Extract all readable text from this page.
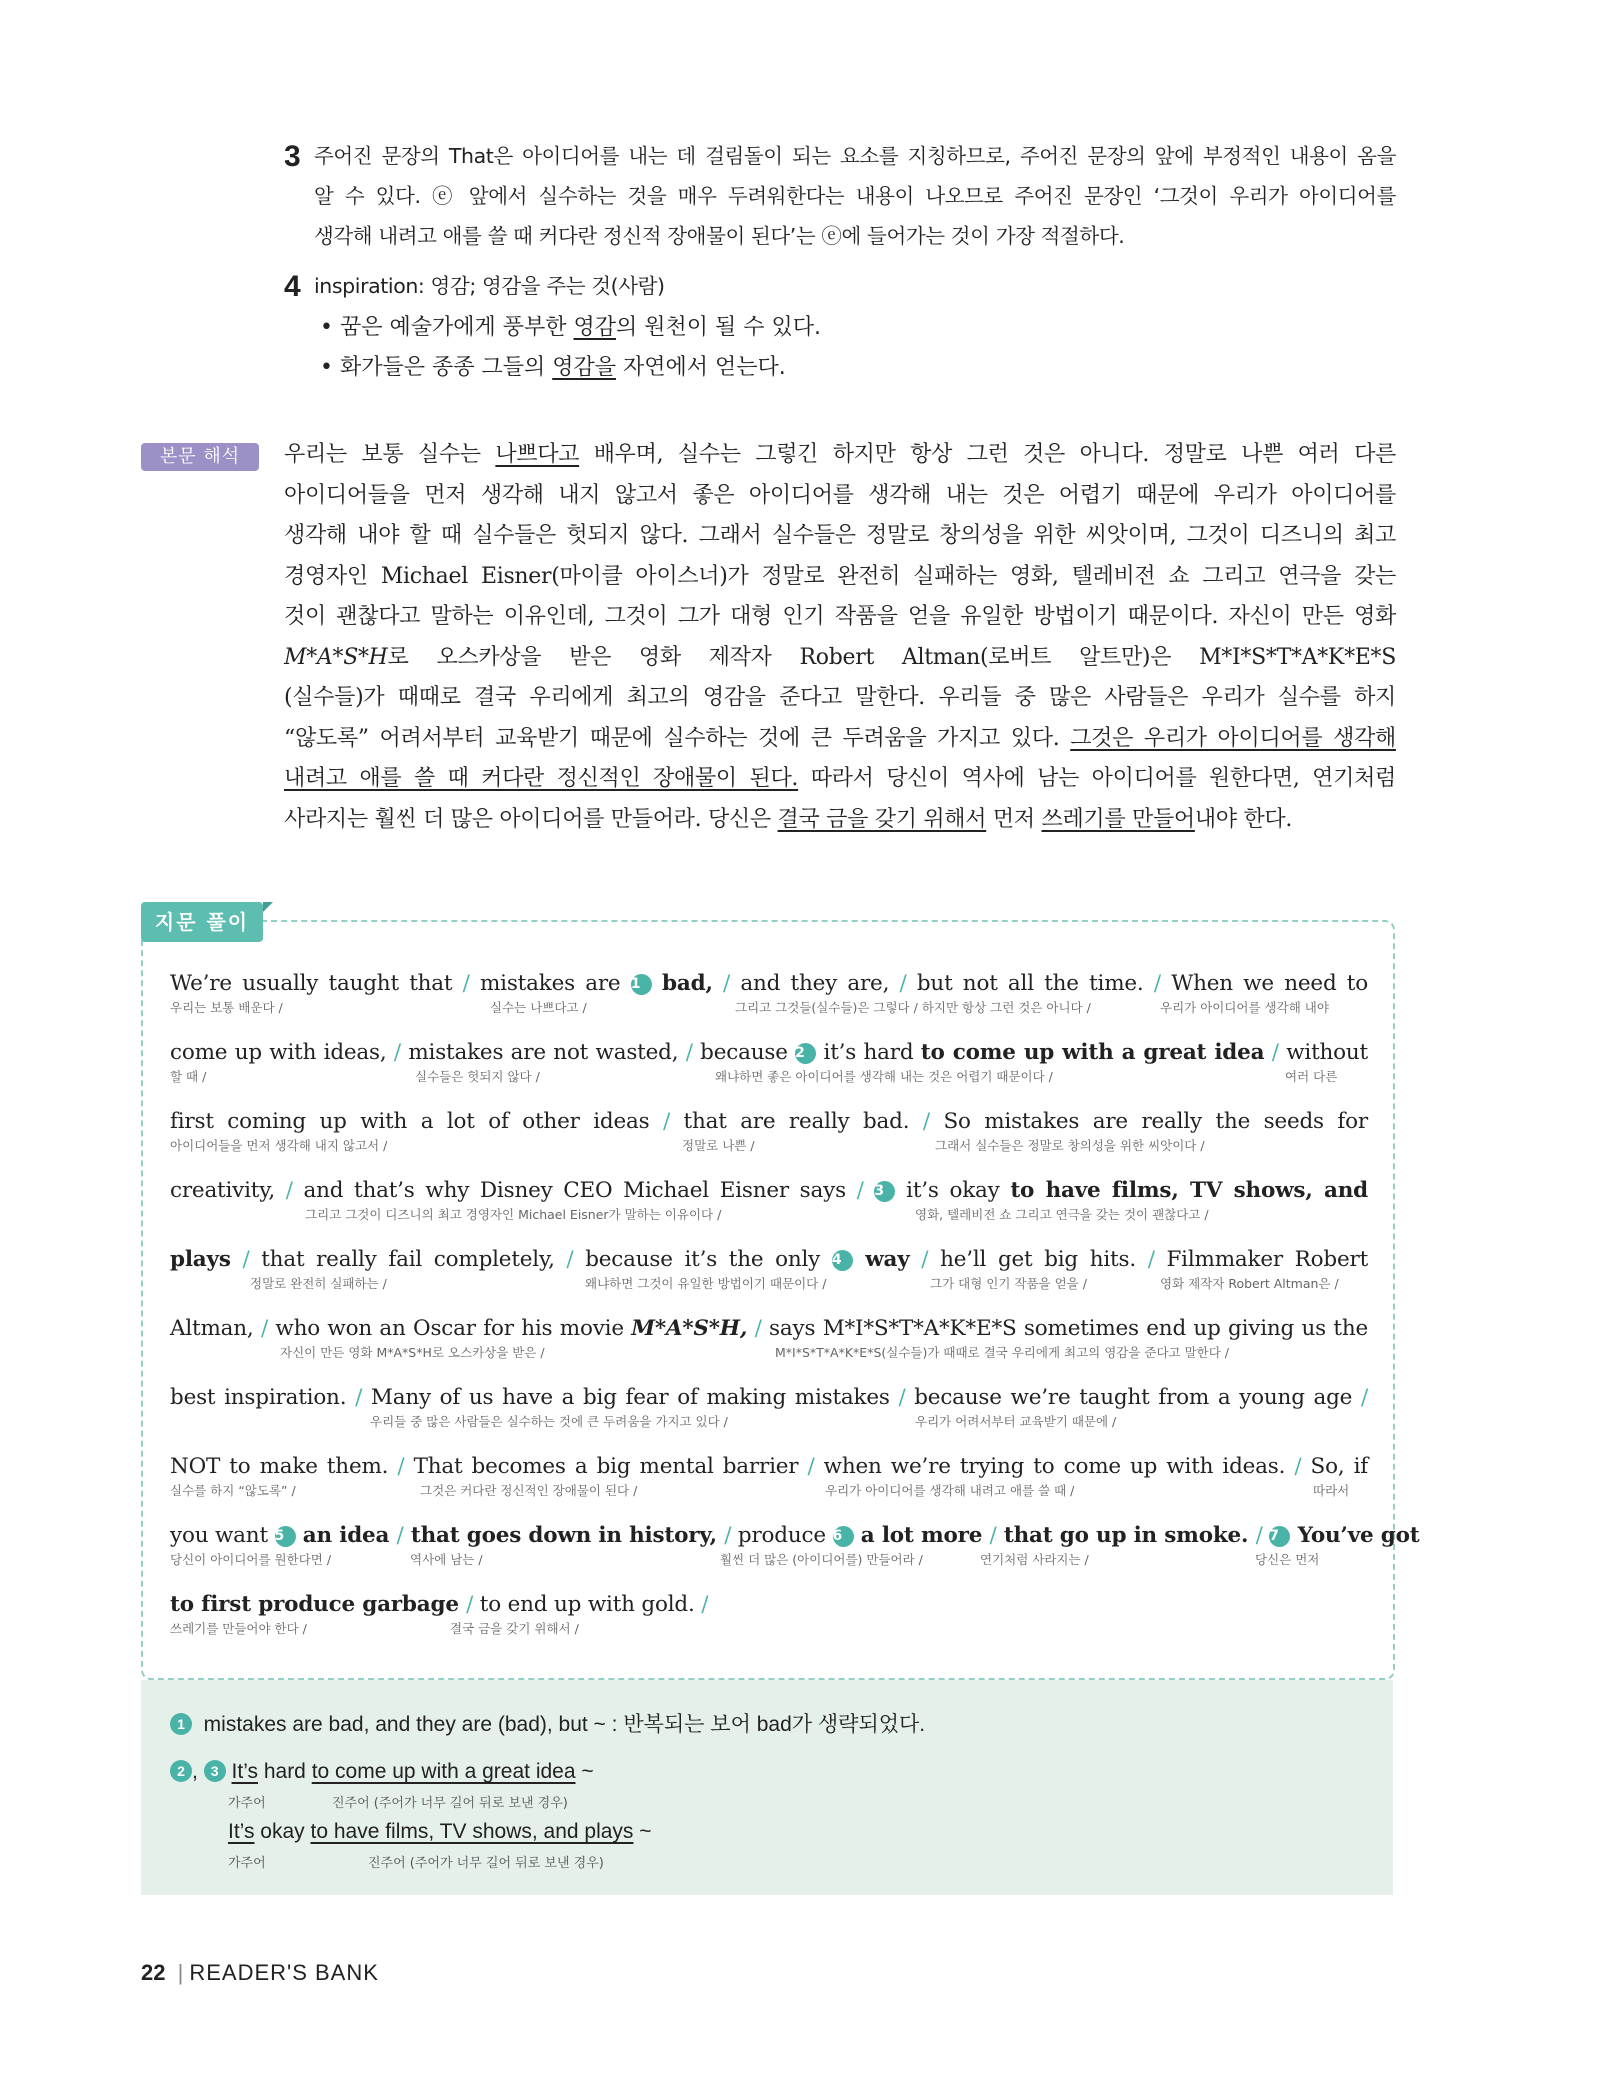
3 주어진 문장의 That은 아이디어를 내는 데 걸림돌이 되는 요소를 지칭하므로, 주어진 문장의 앞에 부정적인 내용이 옴을
알 수 있다. ⓔ 앞에서 실수하는 것을 매우 두려워한다는 내용이 나오므로 주어진 문장인 ‘그것이 우리가 아이디어를
생각해 내려고 애를 쓸 때 커다란 정신적 장애물이 된다’는 ⓔ에 들어가는 것이 가장 적절하다.
4 inspiration: 영감; 영감을 주는 것(사람)
• 꿈은 예술가에게 풍부한 영감의 원천이 될 수 있다.
• 화가들은 종종 그들의 영감을 자연에서 얻는다.
본문 해석	우리는 보통 실수는 나쁘다고 배우며, 실수는 그렇긴 하지만 항상 그런 것은 아니다. 정말로 나쁜 여러 다른
아이디어들을 먼저 생각해 내지 않고서 좋은 아이디어를 생각해 내는 것은 어렵기 때문에 우리가 아이디어를
생각해 내야 할 때 실수들은 헛되지 않다. 그래서 실수들은 정말로 창의성을 위한 씨앗이며, 그것이 디즈니의 최고
경영자인 Michael Eisner(마이클 아이스너)가 정말로 완전히 실패하는 영화, 텔레비전 쇼 그리고 연극을 갖는
것이 괜찮다고 말하는 이유인데, 그것이 그가 대형 인기 작품을 얻을 유일한 방법이기 때문이다. 자신이 만든 영화
M*A*S*H로 오스카상을 받은 영화 제작자 Robert Altman(로버트 알트만)은 M*I*S*T*A*K*E*S
(실수들)가 때때로 결국 우리에게 최고의 영감을 준다고 말한다. 우리들 중 많은 사람들은 우리가 실수를 하지
“않도록” 어려서부터 교육받기 때문에 실수하는 것에 큰 두려움을 가지고 있다. 그것은 우리가 아이디어를 생각해
내려고 애를 쓸 때 커다란 정신적인 장애물이 된다. 따라서 당신이 역사에 남는 아이디어를 원한다면, 연기처럼
사라지는 훨씬 더 많은 아이디어를 만들어라. 당신은 결국 금을 갖기 위해서 먼저 쓰레기를 만들어내야 한다.
지문 풀이
We’re usually taught that / mistakes are 1 bad, / and they are, / but not all the time. / When we need to
우리는 보통 배운다 /	실수는 나쁘다고 /	그리고 그것들(실수들)은 그렇다 / 하지만 항상 그런 것은 아니다 /	우리가 아이디어를 생각해 내야
come up with ideas, / mistakes are not wasted, / because 2 it’s hard to come up with a great idea / without
할 때 /	실수들은 헛되지 않다 /	왜냐하면 좋은 아이디어를 생각해 내는 것은 어렵기 때문이다 /	여러 다른
first coming up with a lot of other ideas / that are really bad. / So mistakes are really the seeds for
아이디어들을 먼저 생각해 내지 않고서 /	정말로 나쁜 /	그래서 실수들은 정말로 창의성을 위한 씨앗이다 /
creativity, / and that’s why Disney CEO Michael Eisner says / 3 it’s okay to have films, TV shows, and
그리고 그것이 디즈니의 최고 경영자인 Michael Eisner가 말하는 이유이다 /	영화, 텔레비전 쇼 그리고 연극을 갖는 것이 괜찮다고 /
plays / that really fail completely, / because it’s the only 4 way / he’ll get big hits. / Filmmaker Robert
정말로 완전히 실패하는 /	왜냐하면 그것이 유일한 방법이기 때문이다 /	그가 대형 인기 작품을 얻을 /	영화 제작자 Robert Altman은 /
Altman, / who won an Oscar for his movie M*A*S*H, / says M*I*S*T*A*K*E*S sometimes end up giving us the
자신이 만든 영화 M*A*S*H로 오스카상을 받은 /	M*I*S*T*A*K*E*S(실수들)가 때때로 결국 우리에게 최고의 영감을 준다고 말한다 /
best inspiration. / Many of us have a big fear of making mistakes / because we’re taught from a young age /
우리들 중 많은 사람들은 실수하는 것에 큰 두려움을 가지고 있다 /	우리가 어려서부터 교육받기 때문에 /
NOT to make them. / That becomes a big mental barrier / when we’re trying to come up with ideas. / So, if
실수를 하지 “않도록” /	그것은 커다란 정신적인 장애물이 된다 /	우리가 아이디어를 생각해 내려고 애를 쓸 때 /	따라서
you want 5 an idea / that goes down in history, / produce 6 a lot more / that go up in smoke. / 7 You’ve got
당신이 아이디어를 원한다면 /	역사에 남는 /	훨씬 더 많은 (아이디어를) 만들어라 /	연기처럼 사라지는 /	당신은 먼저
to first produce garbage / to end up with gold. /
쓰레기를 만들어야 한다 /	결국 금을 갖기 위해서 /
1 mistakes are bad, and they are (bad), but ~ : 반복되는 보어 bad가 생략되었다.
2 , 3 It’s hard to come up with a great idea ~
가주어	진주어 (주어가 너무 길어 뒤로 보낸 경우)
It’s okay to have films, TV shows, and plays ~
가주어	진주어 (주어가 너무 길어 뒤로 보낸 경우)
22 | READER'S BANK
